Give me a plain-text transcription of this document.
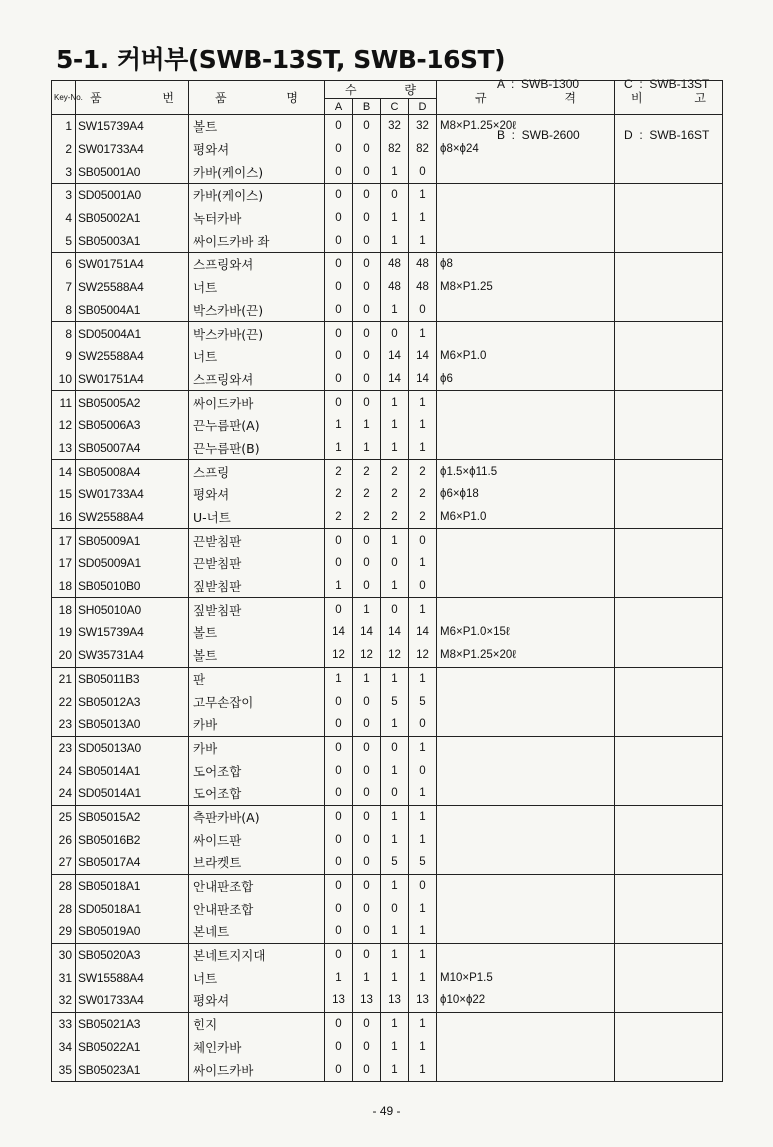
5-1. 커버부(SWB-13ST, SWB-16ST)

A  :  SWB-1300

B  :  SWB-2600

C  :  SWB-13ST

D  :  SWB-16ST

Key-No.	품 번	품 명	수 량				규 격	비 고

			A	B	C	D		
1	SW15739A4	볼트	0	0	32	32	M8×P1.25×20ℓ	
2	SW01733A4	평와셔	0	0	82	82	ϕ8×ϕ24	
3	SB05001A0	카바(케이스)	0	0	1	0		
3	SD05001A0	카바(케이스)	0	0	0	1		
4	SB05002A1	녹터카바	0	0	1	1		
5	SB05003A1	싸이드카바 좌	0	0	1	1		
6	SW01751A4	스프링와셔	0	0	48	48	ϕ8	
7	SW25588A4	너트	0	0	48	48	M8×P1.25	
8	SB05004A1	박스카바(끈)	0	0	1	0		
8	SD05004A1	박스카바(끈)	0	0	0	1		
9	SW25588A4	너트	0	0	14	14	M6×P1.0	
10	SW01751A4	스프링와셔	0	0	14	14	ϕ6	
11	SB05005A2	싸이드카바	0	0	1	1		
12	SB05006A3	끈누름판(A)	1	1	1	1		
13	SB05007A4	끈누름판(B)	1	1	1	1		
14	SB05008A4	스프링	2	2	2	2	ϕ1.5×ϕ11.5	
15	SW01733A4	평와셔	2	2	2	2	ϕ6×ϕ18	
16	SW25588A4	U-너트	2	2	2	2	M6×P1.0	
17	SB05009A1	끈받침판	0	0	1	0		
17	SD05009A1	끈받침판	0	0	0	1		
18	SB05010B0	짚받침판	1	0	1	0		
18	SH05010A0	짚받침판	0	1	0	1		
19	SW15739A4	볼트	14	14	14	14	M6×P1.0×15ℓ	
20	SW35731A4	볼트	12	12	12	12	M8×P1.25×20ℓ	
21	SB05011B3	판	1	1	1	1		
22	SB05012A3	고무손잡이	0	0	5	5		
23	SB05013A0	카바	0	0	1	0		
23	SD05013A0	카바	0	0	0	1		
24	SB05014A1	도어조합	0	0	1	0		
24	SD05014A1	도어조합	0	0	0	1		
25	SB05015A2	측판카바(A)	0	0	1	1		
26	SB05016B2	싸이드판	0	0	1	1		
27	SB05017A4	브라켓트	0	0	5	5		
28	SB05018A1	안내판조합	0	0	1	0		
28	SD05018A1	안내판조합	0	0	0	1		
29	SB05019A0	본네트	0	0	1	1		
30	SB05020A3	본네트지지대	0	0	1	1		
31	SW15588A4	너트	1	1	1	1	M10×P1.5	
32	SW01733A4	평와셔	13	13	13	13	ϕ10×ϕ22	
33	SB05021A3	힌지	0	0	1	1		
34	SB05022A1	체인카바	0	0	1	1		
35	SB05023A1	싸이드카바	0	0	1	1		
- 49 -
